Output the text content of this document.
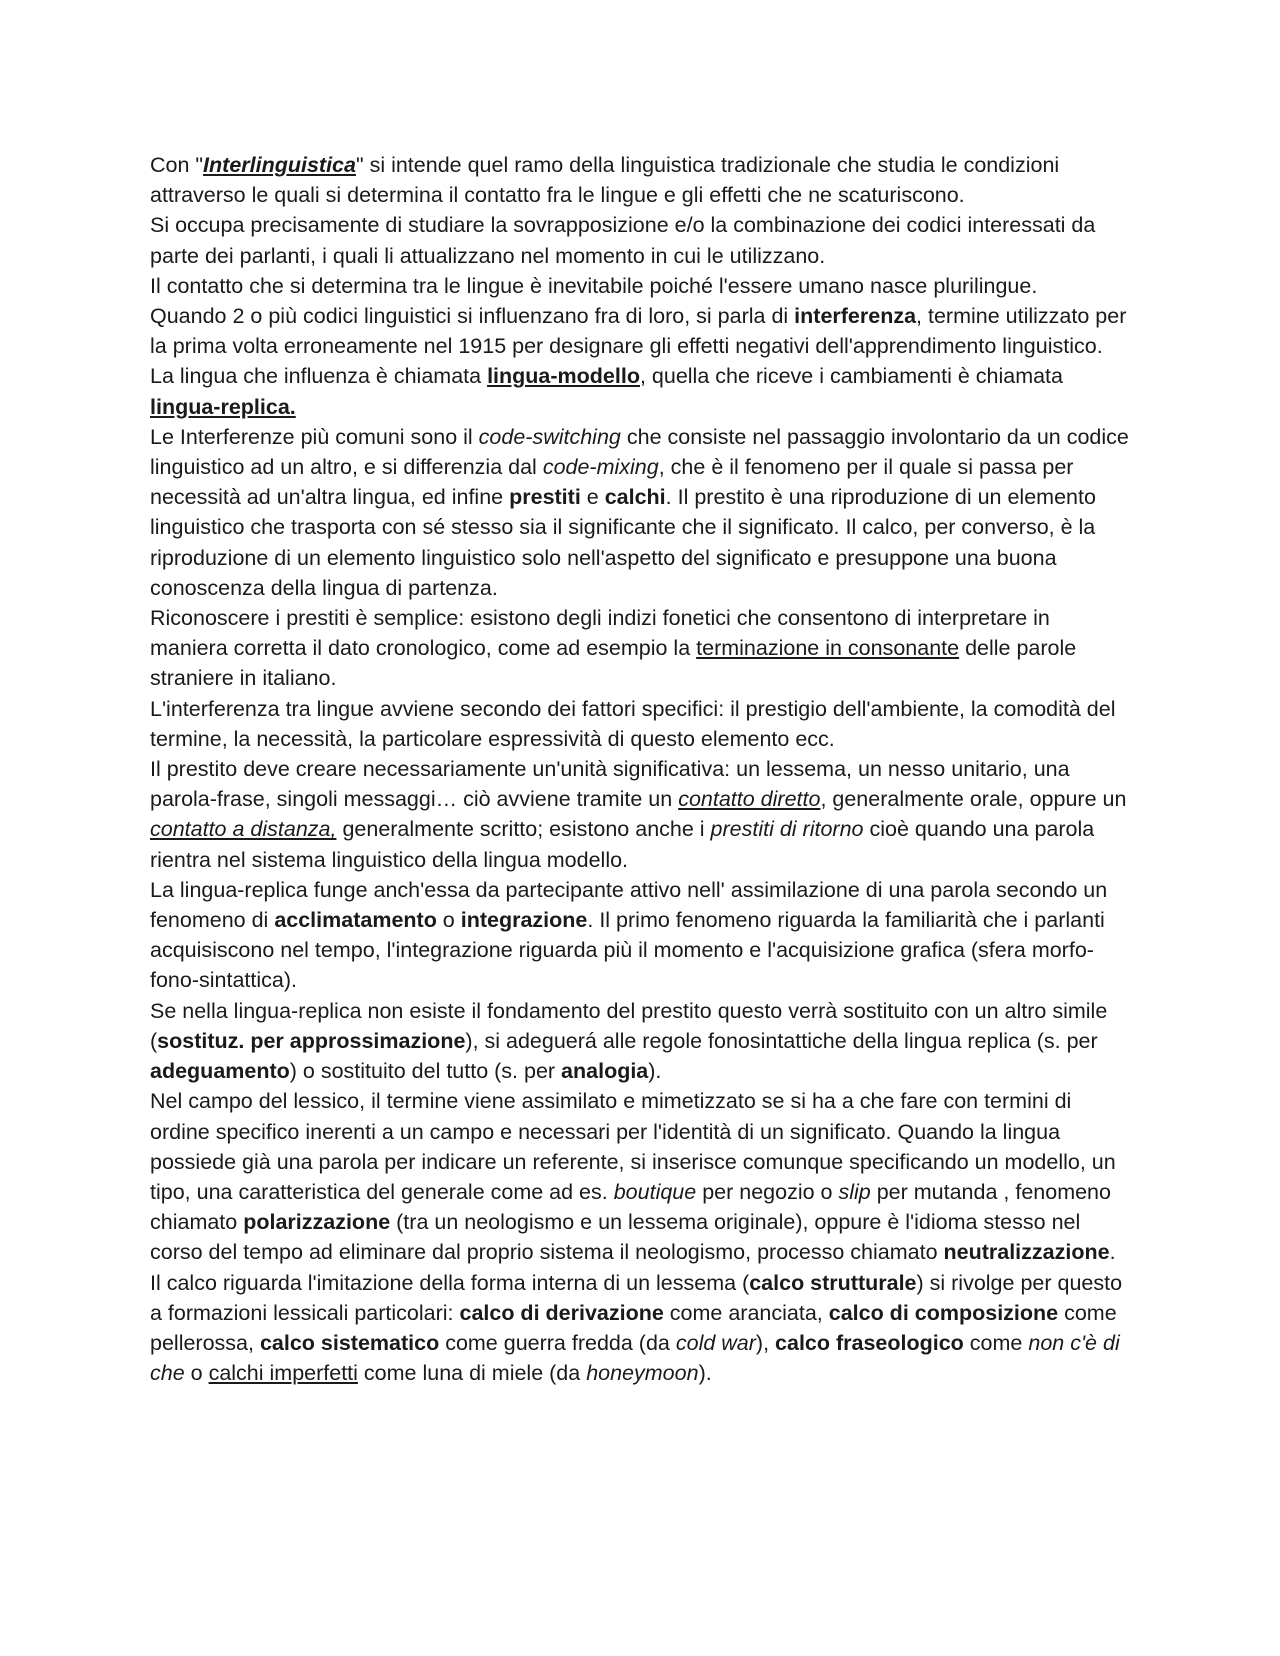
Con "Interlinguistica" si intende quel ramo della linguistica tradizionale che studia le condizioni attraverso le quali si determina il contatto fra le lingue e gli effetti che ne scaturiscono.

Si occupa precisamente di studiare la sovrapposizione e/o la combinazione dei codici interessati da parte dei parlanti, i quali li attualizzano nel momento in cui le utilizzano.

Il contatto che si determina tra le lingue è inevitabile poiché l'essere umano nasce plurilingue.

Quando 2 o più codici linguistici si influenzano fra di loro, si parla di interferenza, termine utilizzato per la prima volta erroneamente nel 1915 per designare gli effetti negativi dell'apprendimento linguistico.

La lingua che influenza è chiamata lingua-modello, quella che riceve i cambiamenti è chiamata lingua-replica.

Le Interferenze più comuni sono il code-switching che consiste nel passaggio involontario da un codice linguistico ad un altro, e si differenzia dal code-mixing, che è il fenomeno per il quale si passa per necessità ad un'altra lingua, ed infine prestiti e calchi. Il prestito è una riproduzione di un elemento linguistico che trasporta con sé stesso sia il significante che il significato. Il calco, per converso, è la riproduzione di un elemento linguistico solo nell'aspetto del significato e presuppone una buona conoscenza della lingua di partenza.

Riconoscere i prestiti è semplice: esistono degli indizi fonetici che consentono di interpretare in maniera corretta il dato cronologico, come ad esempio la terminazione in consonante delle parole straniere in italiano.

L'interferenza tra lingue avviene secondo dei fattori specifici: il prestigio dell'ambiente, la comodità del termine, la necessità, la particolare espressività di questo elemento ecc.

Il prestito deve creare necessariamente un'unità significativa: un lessema, un nesso unitario, una parola-frase, singoli messaggi… ciò avviene tramite un contatto diretto, generalmente orale, oppure un contatto a distanza, generalmente scritto; esistono anche i prestiti di ritorno cioè quando una parola rientra nel sistema linguistico della lingua modello.

La lingua-replica funge anch'essa da partecipante attivo nell' assimilazione di una parola secondo un fenomeno di acclimatamento o integrazione. Il primo fenomeno riguarda la familiarità che i parlanti acquisiscono nel tempo, l'integrazione riguarda più il momento e l'acquisizione grafica (sfera morfo-fono-sintattica).

Se nella lingua-replica non esiste il fondamento del prestito questo verrà sostituito con un altro simile (sostituz. per approssimazione), si adeguerá alle regole fonosintattiche della lingua replica (s. per adeguamento) o sostituito del tutto (s. per analogia).

Nel campo del lessico, il termine viene assimilato e mimetizzato se si ha a che fare con termini di ordine specifico inerenti a un campo e necessari per l'identità di un significato. Quando la lingua possiede già una parola per indicare un referente, si inserisce comunque specificando un modello, un tipo, una caratteristica del generale come ad es. boutique per negozio o slip per mutanda , fenomeno chiamato polarizzazione (tra un neologismo e un lessema originale), oppure è l'idioma stesso nel corso del tempo ad eliminare dal proprio sistema il neologismo, processo chiamato neutralizzazione.

Il calco riguarda l'imitazione della forma interna di un lessema (calco strutturale) si rivolge per questo a formazioni lessicali particolari: calco di derivazione come aranciata, calco di composizione come pellerossa, calco sistematico come guerra fredda (da cold war), calco fraseologico come non c'è di che o calchi imperfetti come luna di miele (da honeymoon).
